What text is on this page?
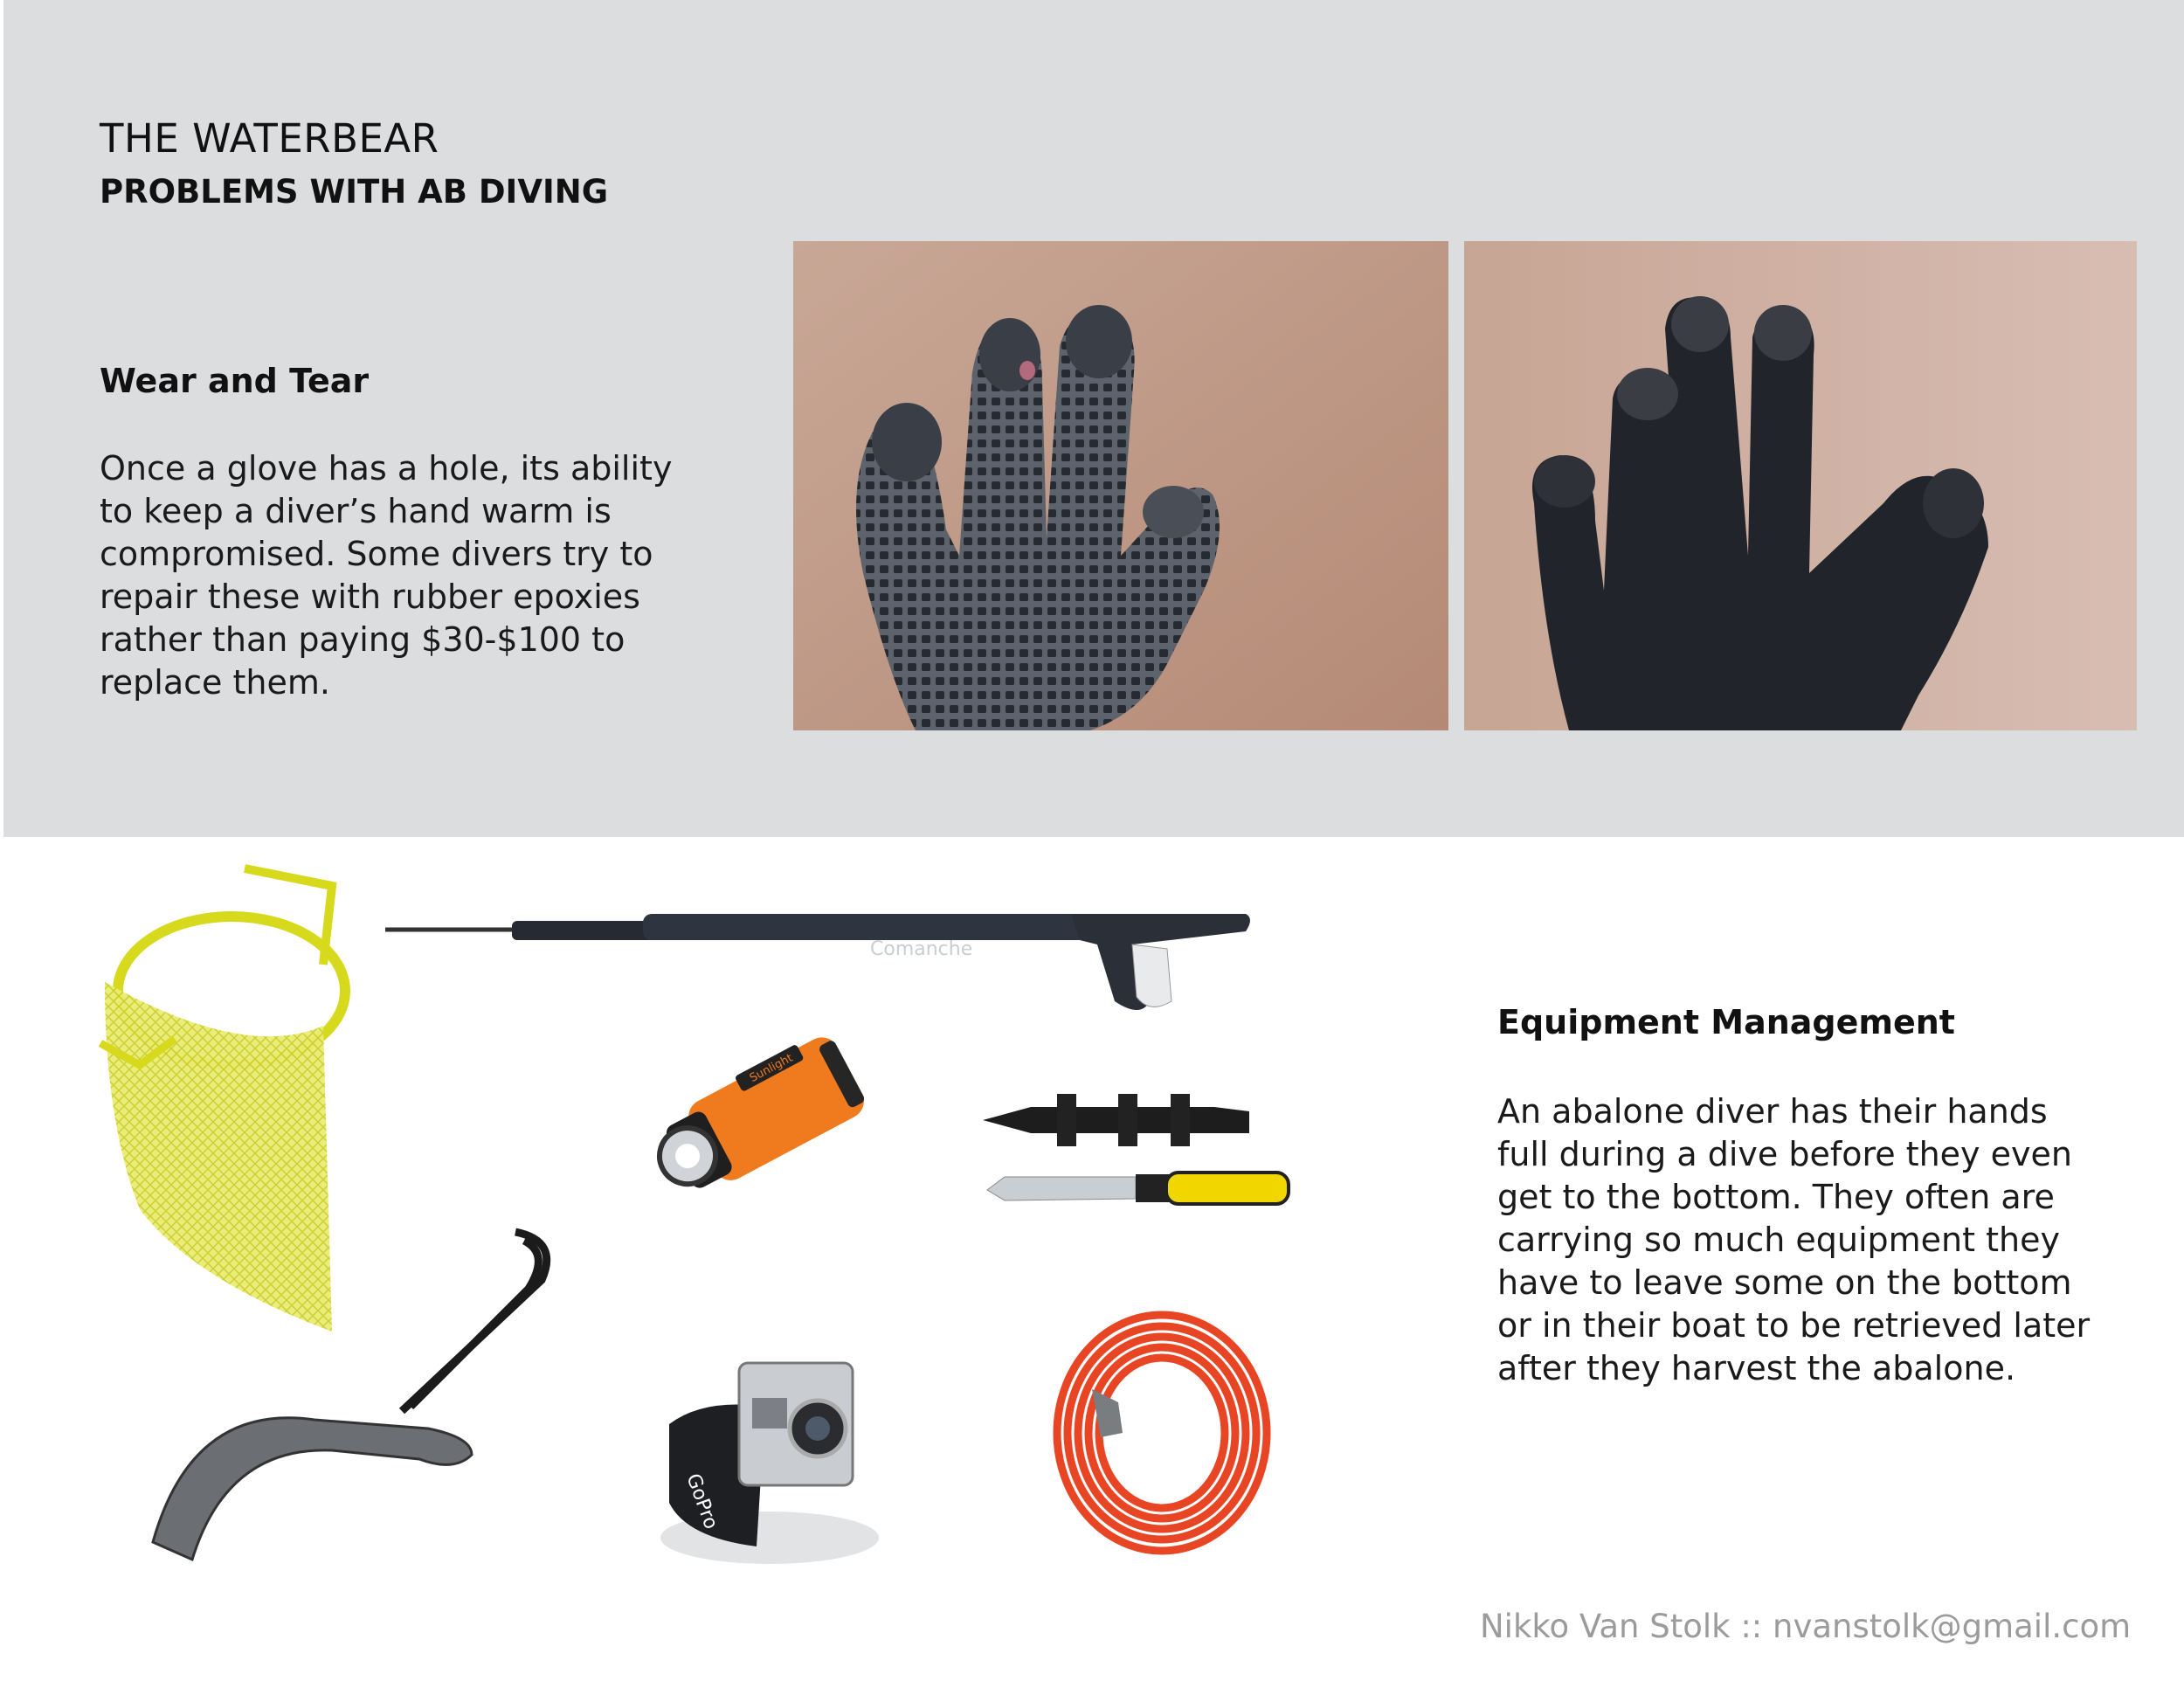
THE WATERBEAR
PROBLEMS WITH AB DIVING
Wear and Tear
Once a glove has a hole, its ability to keep a diver’s hand warm is compromised. Some divers try to repair these with rubber epoxies rather than paying $30-$100 to replace them.
Comanche
Sunlight
GoPro
Equipment Management
An abalone diver has their hands full during a dive before they even get to the bottom. They often are carrying so much equipment they have to leave some on the bottom or in their boat to be retrieved later after they harvest the abalone.
Nikko Van Stolk :: nvanstolk@gmail.com
